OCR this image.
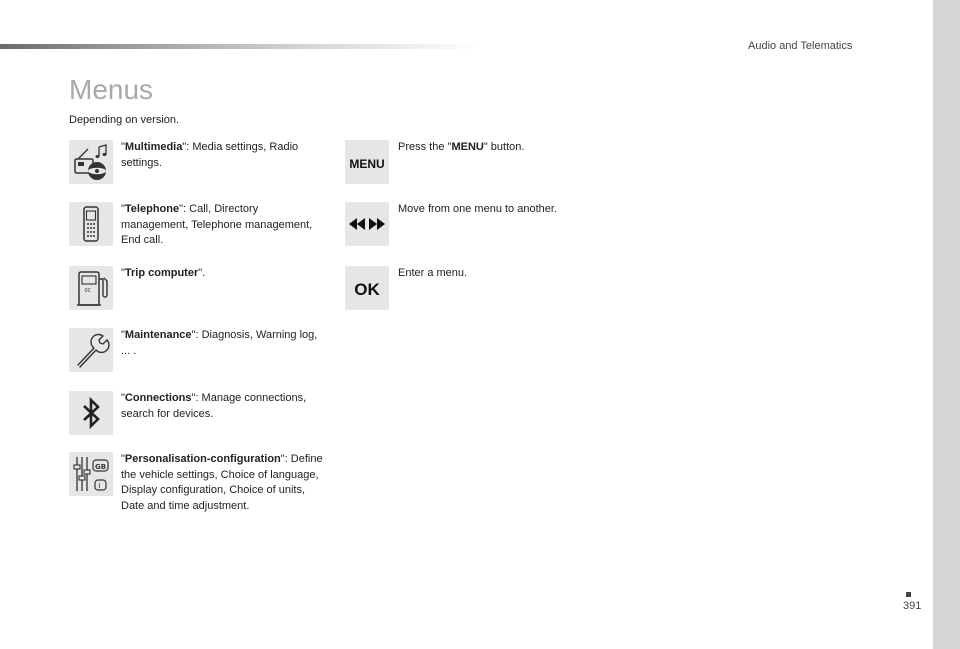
Audio and Telematics
Menus
Depending on version.
"Multimedia": Media settings, Radio settings.
"Telephone": Call, Directory management, Telephone management, End call.
0C
"Trip computer".
"Maintenance": Diagnosis, Warning log, ... .
"Connections": Manage connections, search for devices.
GB
I
"Personalisation-configuration": Define the vehicle settings, Choice of language, Display configuration, Choice of units, Date and time adjustment.
MENU
Press the "MENU" button.
Move from one menu to another.
OK
Enter a menu.
391
